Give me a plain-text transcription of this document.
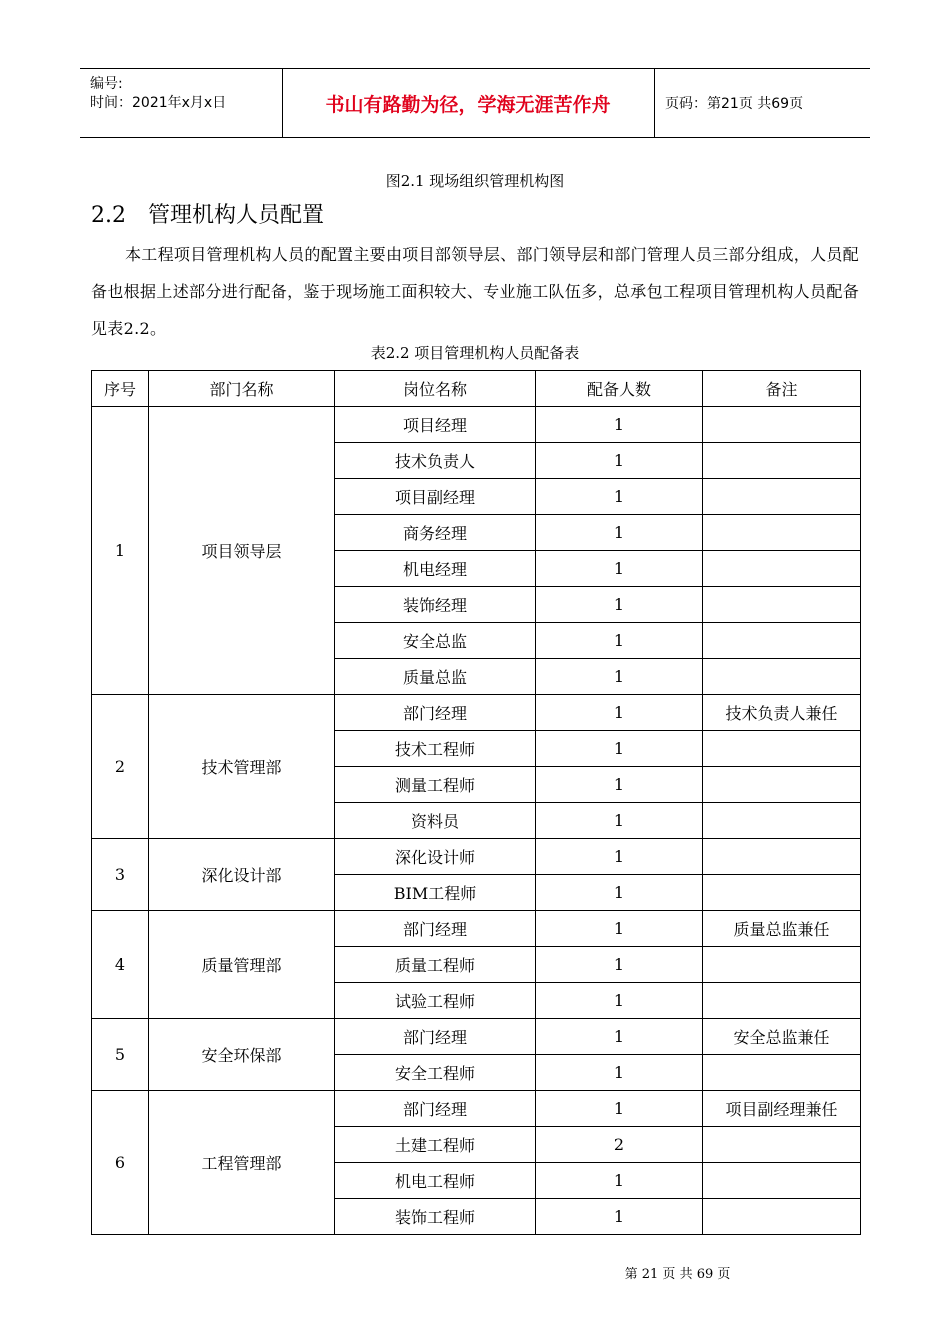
编号:
时间：2021年x月x日	书山有路勤为径，学海无涯苦作舟	页码：第21页 共69页
图2.1 现场组织管理机构图
2.2 管理机构人员配置
本工程项目管理机构人员的配置主要由项目部领导层、部门领导层和部门管理人员三部分组成，人员配备也根据上述部分进行配备，鉴于现场施工面积较大、专业施工队伍多，总承包工程项目管理机构人员配备见表2.2。
表2.2 项目管理机构人员配备表
序号	部门名称	岗位名称	配备人数	备注
1	项目领导层	项目经理	1	
		技术负责人	1	
		项目副经理	1	
		商务经理	1	
		机电经理	1	
		装饰经理	1	
		安全总监	1	
		质量总监	1	
2	技术管理部	部门经理	1	技术负责人兼任
		技术工程师	1	
		测量工程师	1	
		资料员	1	
3	深化设计部	深化设计师	1	
		BIM工程师	1	
4	质量管理部	部门经理	1	质量总监兼任
		质量工程师	1	
		试验工程师	1	
5	安全环保部	部门经理	1	安全总监兼任
		安全工程师	1	
6	工程管理部	部门经理	1	项目副经理兼任
		土建工程师	2	
		机电工程师	1	
		装饰工程师	1	
第 21 页 共 69 页
